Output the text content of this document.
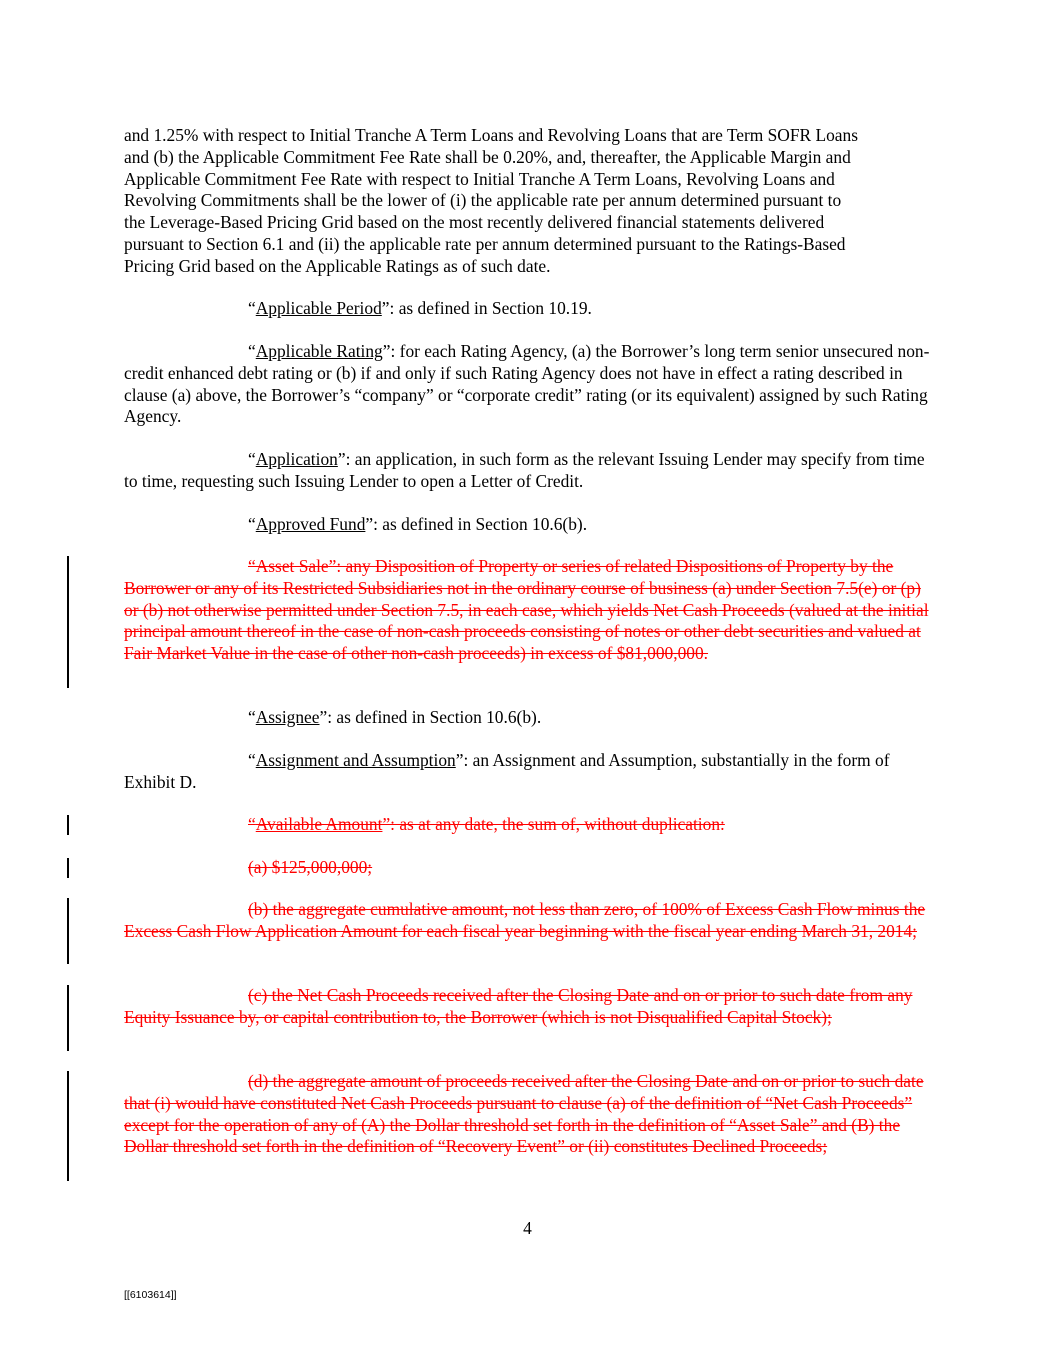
and 1.25% with respect to Initial Tranche A Term Loans and Revolving Loans that are Term SOFR Loans
and (b) the Applicable Commitment Fee Rate shall be 0.20%, and, thereafter, the Applicable Margin and
Applicable Commitment Fee Rate with respect to Initial Tranche A Term Loans, Revolving Loans and
Revolving Commitments shall be the lower of (i) the applicable rate per annum determined pursuant to
the Leverage-Based Pricing Grid based on the most recently delivered financial statements delivered
pursuant to Section 6.1 and (ii) the applicable rate per annum determined pursuant to the Ratings-Based
Pricing Grid based on the Applicable Ratings as of such date.
“Applicable Period”: as defined in Section 10.19.
“Applicable Rating”: for each Rating Agency, (a) the Borrower’s long term senior unsecured non-credit enhanced debt rating or (b) if and only if such Rating Agency does not have in effect a rating described in clause (a) above, the Borrower’s “company” or “corporate credit” rating (or its equivalent) assigned by such Rating Agency.
“Application”: an application, in such form as the relevant Issuing Lender may specify from time to time, requesting such Issuing Lender to open a Letter of Credit.
“Approved Fund”: as defined in Section 10.6(b).
“Asset Sale”: any Disposition of Property or series of related Dispositions of Property by the Borrower or any of its Restricted Subsidiaries not in the ordinary course of business (a) under Section 7.5(e) or (p) or (b) not otherwise permitted under Section 7.5, in each case, which yields Net Cash Proceeds (valued at the initial principal amount thereof in the case of non-cash proceeds consisting of notes or other debt securities and valued at Fair Market Value in the case of other non-cash proceeds) in excess of $81,000,000.
“Assignee”: as defined in Section 10.6(b).
“Assignment and Assumption”: an Assignment and Assumption, substantially in the form of Exhibit D.
“Available Amount”: as at any date, the sum of, without duplication:
(a) $125,000,000;
(b) the aggregate cumulative amount, not less than zero, of 100% of Excess Cash Flow minus the Excess Cash Flow Application Amount for each fiscal year beginning with the fiscal year ending March 31, 2014;
(c) the Net Cash Proceeds received after the Closing Date and on or prior to such date from any Equity Issuance by, or capital contribution to, the Borrower (which is not Disqualified Capital Stock);
(d) the aggregate amount of proceeds received after the Closing Date and on or prior to such date that (i) would have constituted Net Cash Proceeds pursuant to clause (a) of the definition of “Net Cash Proceeds” except for the operation of any of (A) the Dollar threshold set forth in the definition of “Asset Sale” and (B) the Dollar threshold set forth in the definition of “Recovery Event” or (ii) constitutes Declined Proceeds;
4
[[6103614]]
